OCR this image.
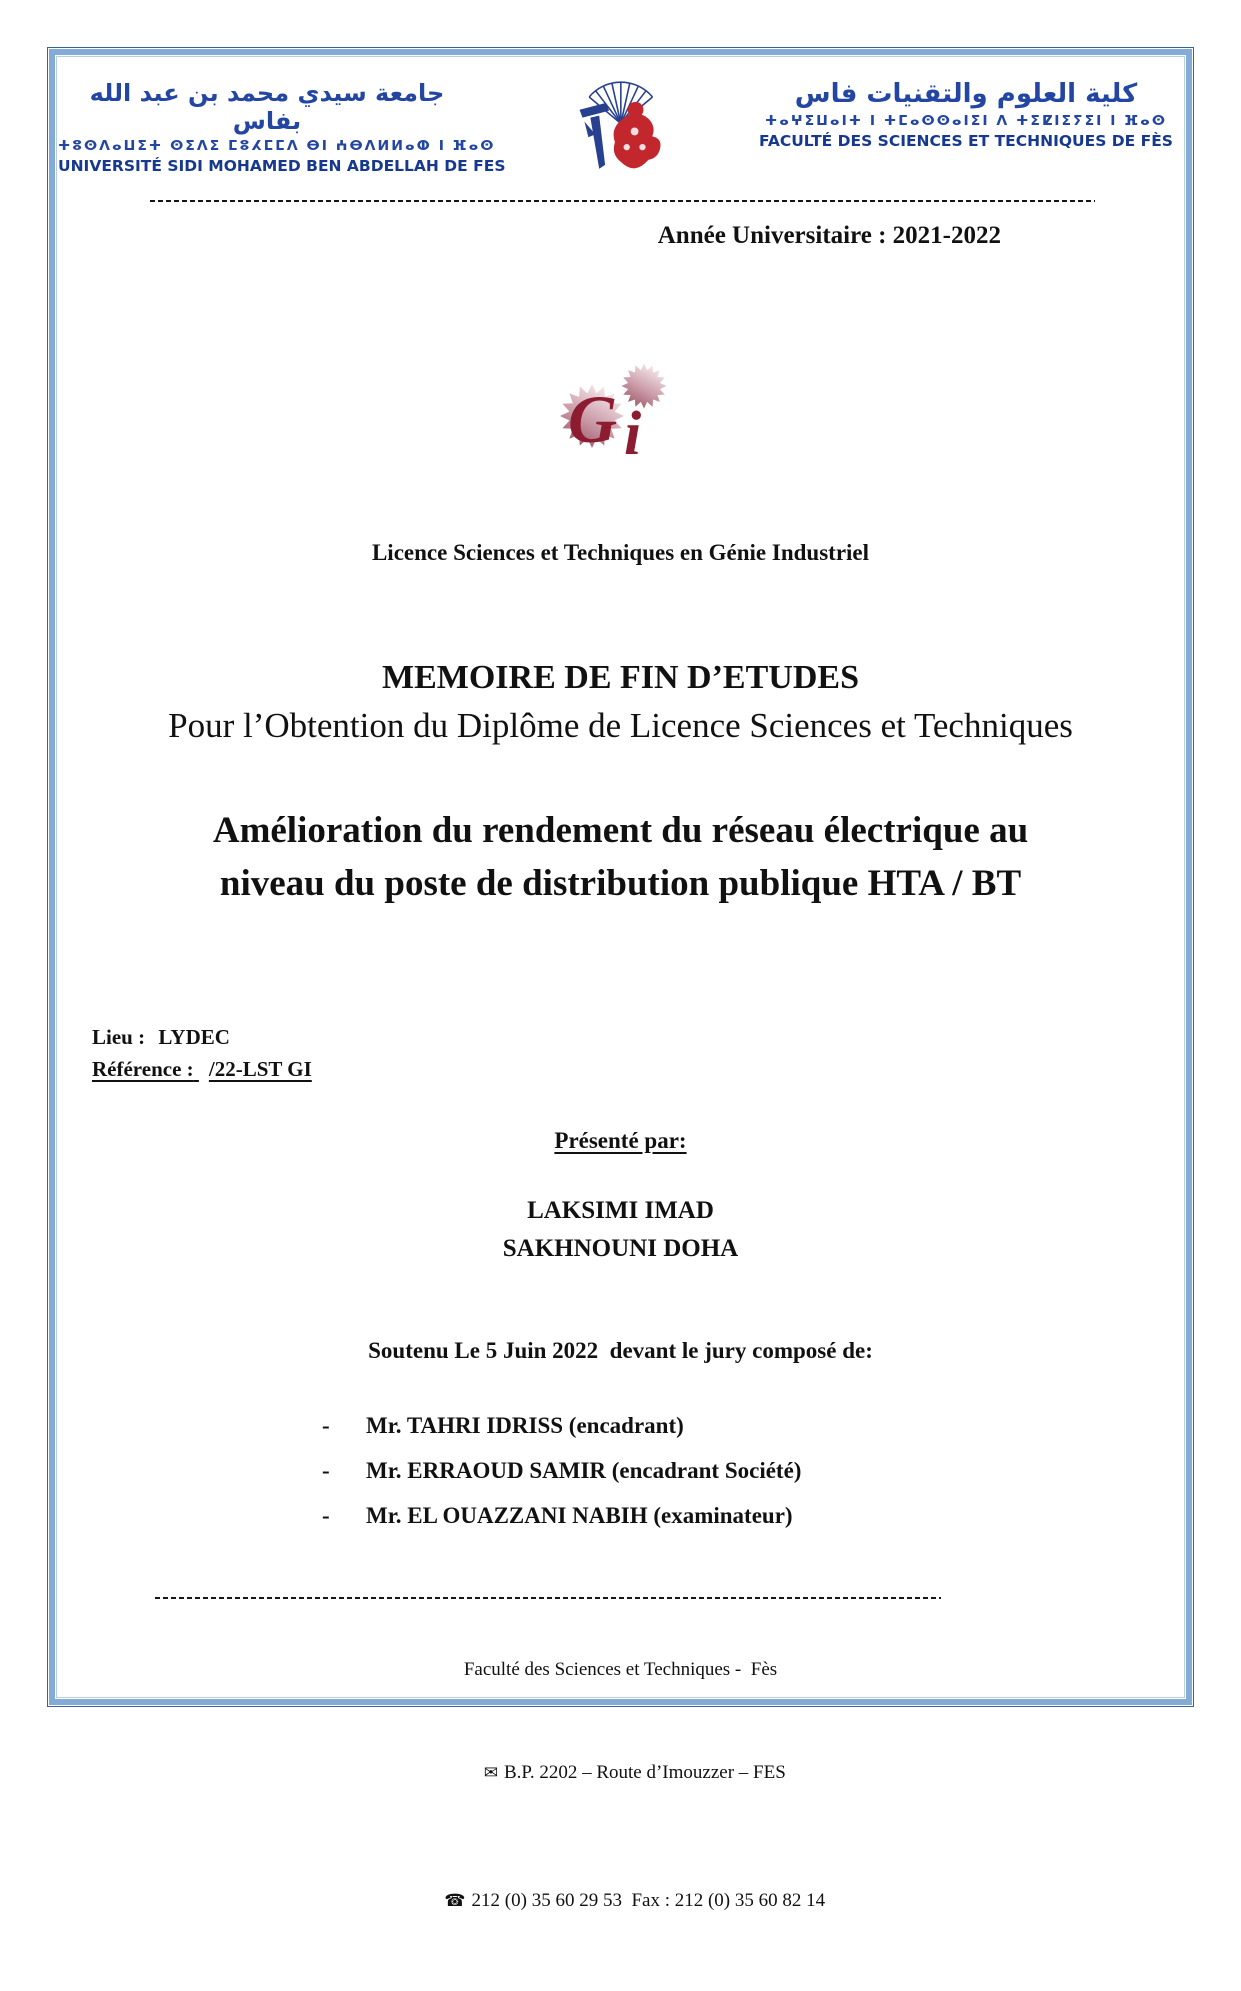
جامعة سيدي محمد بن عبد الله بفاس
ⵜⵓⵙⴷⴰⵡⵉⵜ ⵙⵉⴷⵉ ⵎⵓⵃⵎⵎⴷ ⴱⵏ ⵄⴱⴷⵍⵍⴰⵀ ⵏ ⴼⴰⵙ
UNIVERSITÉ SIDI MOHAMED BEN ABDELLAH DE FES
كلية العلوم والتقنيات فاس
ⵜⴰⵖⵉⵡⴰⵏⵜ ⵏ ⵜⵎⴰⵙⵙⴰⵏⵉⵏ ⴷ ⵜⵉⵇⵏⵉⵢⵉⵏ ⵏ ⴼⴰⵙ
FACULTÉ DES SCIENCES ET TECHNIQUES DE FÈS
Année Universitaire : 2021-2022
G i
Licence Sciences et Techniques en Génie Industriel
MEMOIRE DE FIN D’ETUDES
Pour l’Obtention du Diplôme de Licence Sciences et Techniques
Amélioration du rendement du réseau électrique au
niveau du poste de distribution publique HTA / BT
Lieu : LYDEC
Référence : /22-LST GI
Présenté par:
LAKSIMI IMAD
SAKHNOUNI DOHA
Soutenu Le 5 Juin 2022  devant le jury composé de:
-	Mr. TAHRI IDRISS (encadrant)
-	Mr. ERRAOUD SAMIR (encadrant Société)
-	Mr. EL OUAZZANI NABIH (examinateur)

Faculté des Sciences et Techniques -  Fès

✉ B.P. 2202 – Route d’Imouzzer – FES

☎ 212 (0) 35 60 29 53  Fax : 212 (0) 35 60 82 14
